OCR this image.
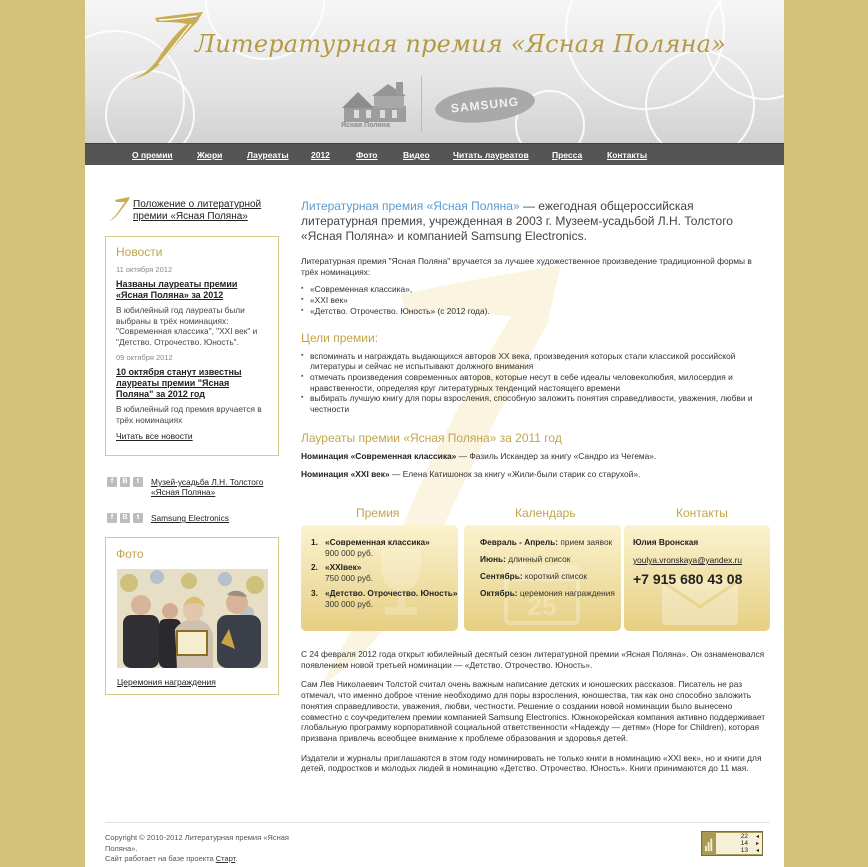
Литературная премия «Ясная Поляна»
Ясная Поляна
SAMSUNG
О премии	Жюри	Лауреаты	2012	Фото	Видео	Читать лауреатов	Пресса	Контакты
Положение о литературной премии «Ясная Поляна»
Новости
11 октября 2012
Названы лауреаты премии «Ясная Поляна» за 2012
В юбилейный год лауреаты были выбраны в трёх номинациях: "Современная классика", "XXI век" и "Детство. Отрочество. Юность".
09 октября 2012
10 октября станут известны лауреаты премии "Ясная Поляна" за 2012 год
В юбилейный год премия вручается в трёх номинациях
Читать все новости
f	В	t	Музей-усадьба Л.Н. Толстого «Ясная Поляна»
f	В	t	Samsung Electronics
Фото
Церемония награждения
Литературная премия «Ясная Поляна» — ежегодная общероссийская литературная премия, учрежденная в 2003 г. Музеем-усадьбой Л.Н. Толстого «Ясная Поляна» и компанией Samsung Electronics.
Литературная премия "Ясная Поляна" вручается за лучшее художественное произведение традиционной формы в трёх номинациях:
▪ «Современная классика»,
▪ «XXI век»
▪ «Детство. Отрочество. Юность» (с 2012 года).
Цели премии:
▪ вспоминать и награждать выдающихся авторов XX века, произведения которых стали классикой российской литературы и сейчас не испытывают должного внимания
▪ отмечать произведения современных авторов, которые несут в себе идеалы человеколюбия, милосердия и нравственности, определяя круг литературных тенденций настоящего времени
▪ выбирать лучшую книгу для поры взросления, способную заложить понятия справедливости, уважения, любви и честности
Лауреаты премии «Ясная Поляна» за 2011 год
Номинация «Современная классика» — Фазиль Искандер за книгу «Сандро из Чегема».
Номинация «XXI век» — Елена Катишонок за книгу «Жили-были старик со старухой».
Премия	Календарь	Контакты
1. «Современная классика»
900 000 руб.
2. «XXIвек»
750 000 руб.
3. «Детство. Отрочество. Юность»
300 000 руб.	25
Февраль - Апрель: прием заявок
Июнь: длинный список
Сентябрь: короткий список
Октябрь: церемония награждения
Юлия Вронская
youlya.vronskaya@yandex.ru
+7 915 680 43 08
С 24 февраля 2012 года открыт юбилейный десятый сезон литературной премии «Ясная Поляна». Он ознаменовался появлением новой третьей номинации — «Детство. Отрочество. Юность».
Сам Лев Николаевич Толстой считал очень важным написание детских и юношеских рассказов. Писатель не раз отмечал, что именно доброе чтение необходимо для поры взросления, юношества, так как оно способно заложить понятия справедливости, уважения, любви, честности. Решение о создании новой номинации было вынесено совместно с соучредителем премии компанией Samsung Electronics. Южнокорейская компания активно поддерживает глобальную программу корпоративной социальной ответственности «Надежду — детям» (Hope for Children), которая призвана привлечь всеобщее внимание к проблеме образования и здоровья детей.
Издатели и журналы приглашаются в этом году номинировать не только книги в номинацию «XXI век», но и книги для детей, подростков и молодых людей в номинацию «Детство. Отрочество. Юность». Книги принимаются до 11 мая.
Copyright © 2010-2012 Литературная премия «Ясная Поляна».
Сайт работает на базе проекта Старт.
22
14
13
◂
▸
◂
